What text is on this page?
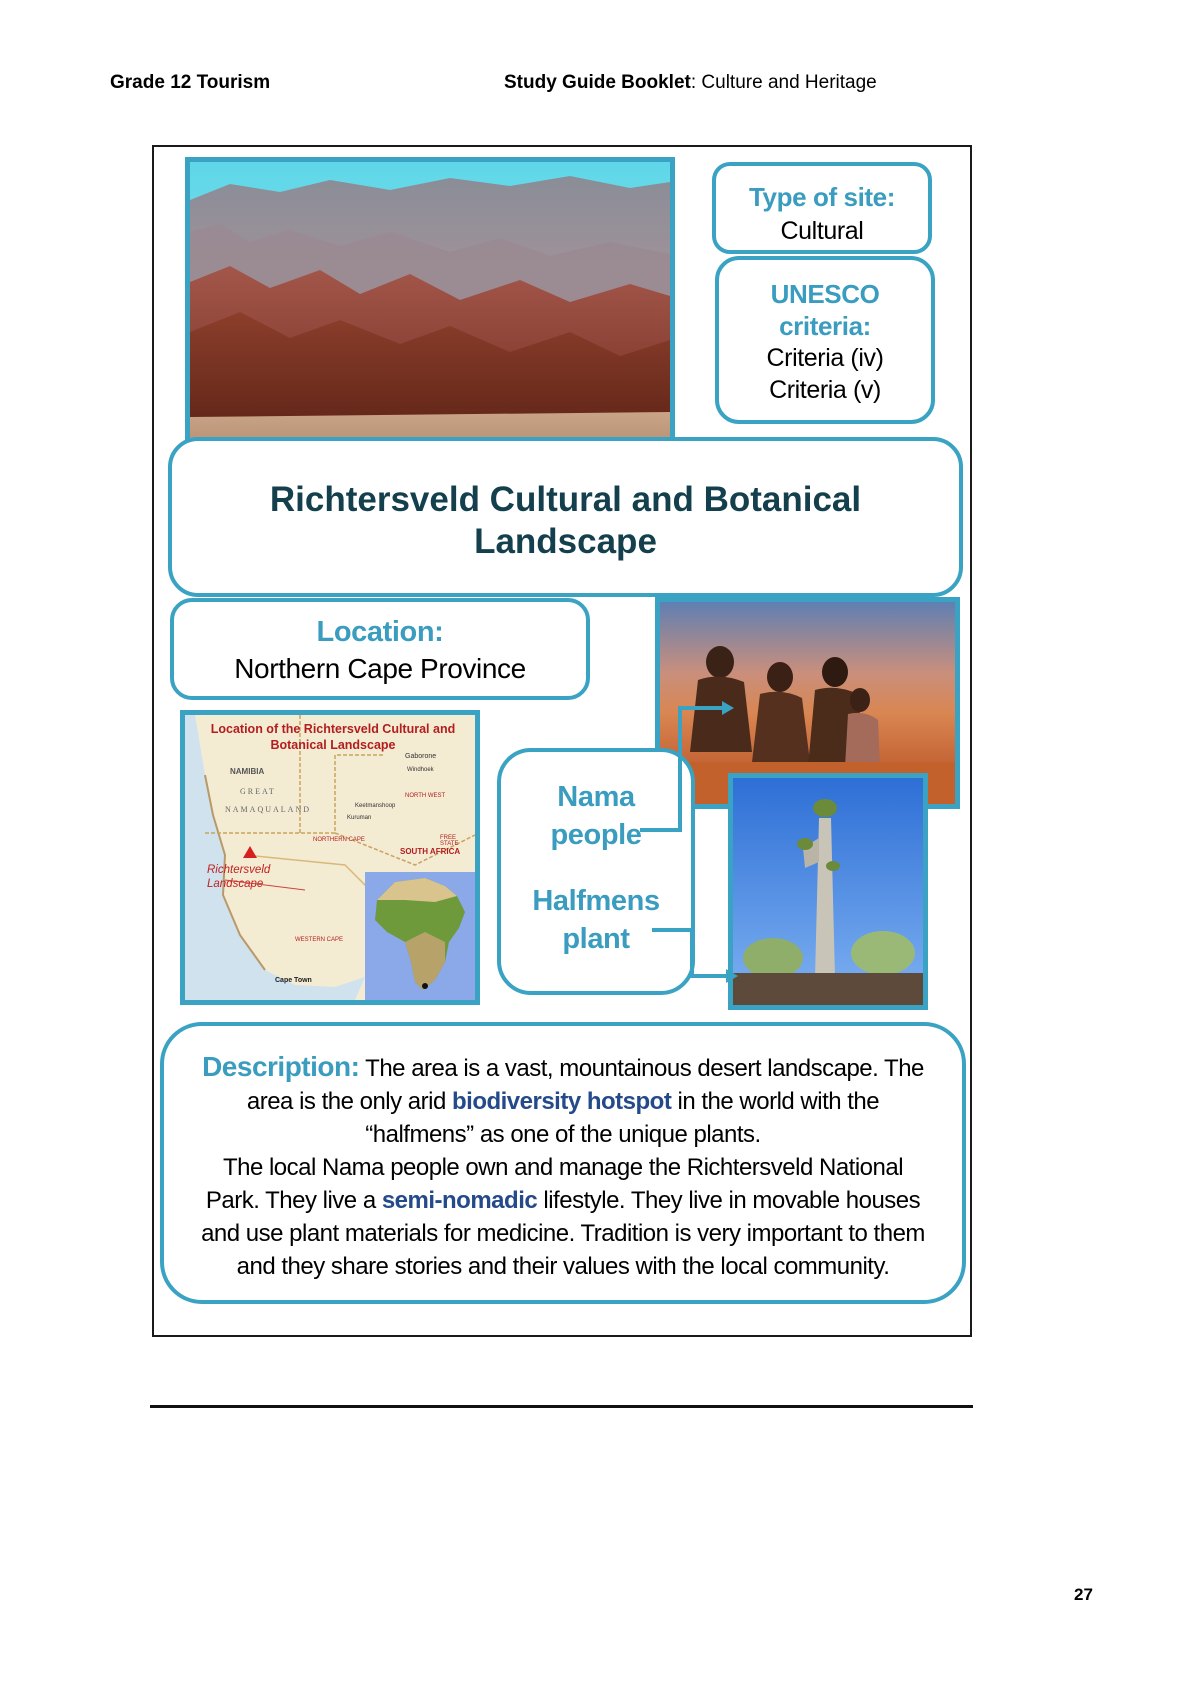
Grade 12 Tourism	Study Guide Booklet: Culture and Heritage
Type of site:
Cultural
UNESCO
criteria:
Criteria (iv)
Criteria (v)
Richtersveld Cultural and Botanical
Landscape
Location:
Northern Cape Province
Location of the Richtersveld Cultural and
Botanical Landscape
NAMIBIA
GREAT
NAMAQUALAND
SOUTH AFRICA
Gaborone
NORTH WEST
FREE STATE
NORTHERN CAPE
WESTERN CAPE
Cape Town
Windhoek
Keetmanshoop
Kuruman
Richtersveld
Landscape
Nama
people
Halfmens
plant
Description: The area is a vast, mountainous desert landscape. The area is the only arid biodiversity hotspot in the world with the “halfmens” as one of the unique plants.
The local Nama people own and manage the Richtersveld National Park. They live a semi-nomadic lifestyle. They live in movable houses and use plant materials for medicine. Tradition is very important to them and they share stories and their values with the local community.
27
